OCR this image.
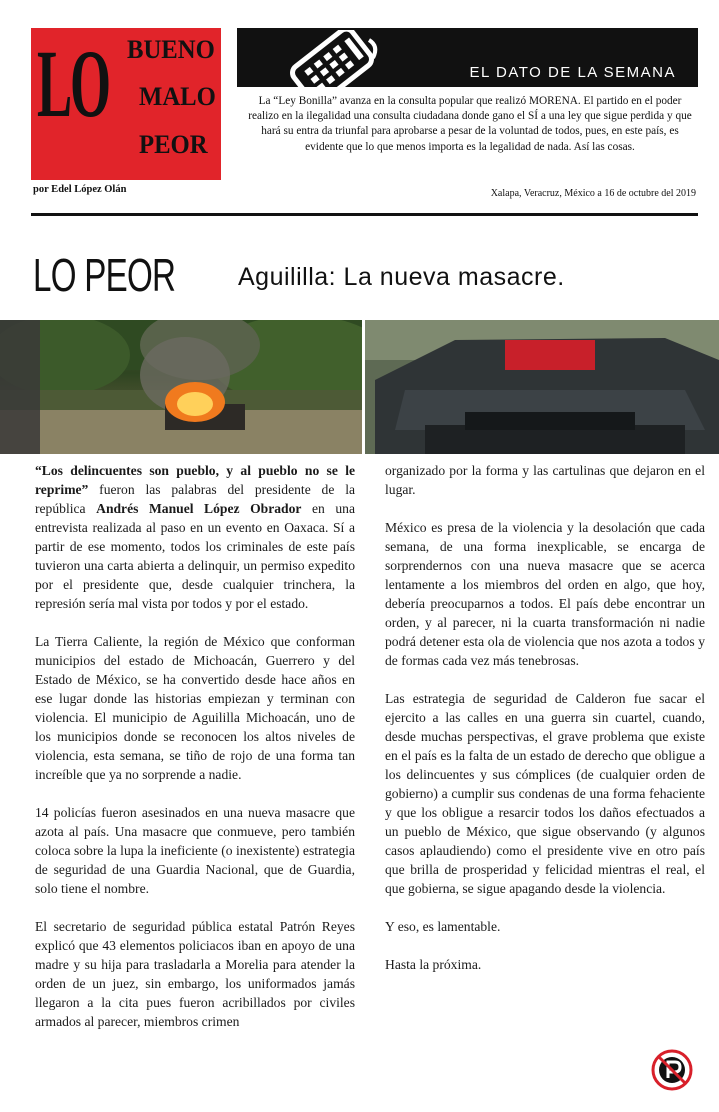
LO BUENO
MALO
PEOR
por Edel López Olán
EL DATO DE LA SEMANA
La “Ley Bonilla” avanza en la consulta popular que realizó MORENA. El partido en el poder realizo en la ilegalidad una consulta ciudadana donde gano el SÍ a una ley que sigue perdida y que hará su entra da triunfal para aprobarse a pesar de la voluntad de todos, pues, en este país, es evidente que lo que menos importa es la legalidad de nada. Así las cosas.
Xalapa, Veracruz, México a 16 de octubre del 2019
LO PEOR	Aguililla: La nueva masacre.

“Los delincuentes son pueblo, y al pueblo no se le reprime” fueron las palabras del presidente de la república Andrés Manuel López Obrador en una entrevista realizada al paso en un evento en Oaxaca. Sí a partir de ese momento, todos los criminales de este país tuvieron una carta abierta a delinquir, un permiso expedito por el presidente que, desde cualquier trinchera, la represión sería mal vista por todos y por el estado.

La Tierra Caliente, la región de México que conforman municipios del estado de Michoacán, Guerrero y del Estado de México, se ha convertido desde hace años en ese lugar donde las historias empiezan y terminan con violencia. El municipio de Aguililla Michoacán, uno de los municipios donde se reconocen los altos niveles de violencia, esta semana, se tiño de rojo de una forma tan increíble que ya no sorprende a nadie.

14 policías fueron asesinados en una nueva masacre que azota al país. Una masacre que conmueve, pero también coloca sobre la lupa la ineficiente (o inexistente) estrategia de seguridad de una Guardia Nacional, que de Guardia, solo tiene el nombre.

El secretario de seguridad pública estatal Patrón Reyes explicó que 43 elementos policiacos iban en apoyo de una madre y su hija para trasladarla a Morelia para atender la orden de un juez, sin embargo, los uniformados jamás llegaron a la cita pues fueron acribillados por civiles armados al parecer, miembros crimen

organizado por la forma y las cartulinas que dejaron en el lugar.

México es presa de la violencia y la desolación que cada semana, de una forma inexplicable, se encarga de sorprendernos con una nueva masacre que se acerca lentamente a los miembros del orden en algo, que hoy, debería preocuparnos a todos. El país debe encontrar un orden, y al parecer, ni la cuarta transformación ni nadie podrá detener esta ola de violencia que nos azota a todos y de formas cada vez más tenebrosas.

Las estrategia de seguridad de Calderon fue sacar el ejercito a las calles en una guerra sin cuartel, cuando, desde muchas perspectivas, el grave problema que existe en el país es la falta de un estado de derecho que obligue a los delincuentes y sus cómplices (de cualquier orden de gobierno) a cumplir sus condenas de una forma fehaciente y que los obligue a resarcir todos los daños efectuados a un pueblo de México, que sigue observando (y algunos casos aplaudiendo) como el presidente vive en otro país que brilla de prosperidad y felicidad mientras el real, el que gobierna, se sigue apagando desde la violencia.

Y eso, es lamentable.

Hasta la próxima.
